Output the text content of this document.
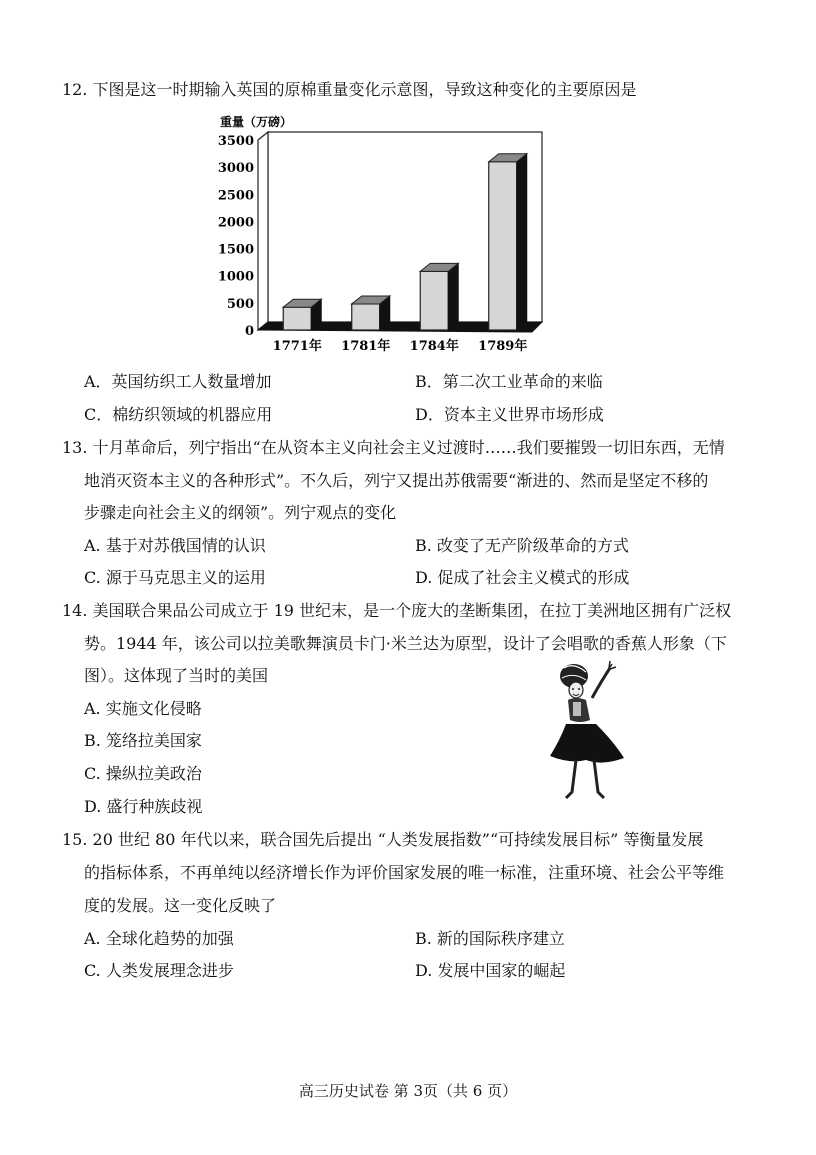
12. 下图是这一时期输入英国的原棉重量变化示意图，导致这种变化的主要原因是
重量（万磅）
0
500
1000
1500
2000
2500
3000
3500
1771年 1781年 1784年 1789年
A．英国纺织工人数量增加	B．第二次工业革命的来临
C．棉纺织领域的机器应用	D．资本主义世界市场形成
13. 十月革命后，列宁指出“在从资本主义向社会主义过渡时……我们要摧毁一切旧东西，无情
地消灭资本主义的各种形式”。不久后，列宁又提出苏俄需要“渐进的、然而是坚定不移的
步骤走向社会主义的纲领”。列宁观点的变化
A. 基于对苏俄国情的认识	B. 改变了无产阶级革命的方式
C. 源于马克思主义的运用	D. 促成了社会主义模式的形成
14. 美国联合果品公司成立于 19 世纪末，是一个庞大的垄断集团，在拉丁美洲地区拥有广泛权
势。1944 年，该公司以拉美歌舞演员卡门·米兰达为原型，设计了会唱歌的香蕉人形象（下
图）。这体现了当时的美国
A. 实施文化侵略
B. 笼络拉美国家
C. 操纵拉美政治
D. 盛行种族歧视
15. 20 世纪 80 年代以来，联合国先后提出 “人类发展指数”“可持续发展目标” 等衡量发展
的指标体系，不再单纯以经济增长作为评价国家发展的唯一标准，注重环境、社会公平等维
度的发展。这一变化反映了
A. 全球化趋势的加强	B. 新的国际秩序建立
C. 人类发展理念进步	D. 发展中国家的崛起
高三历史试卷 第 3页（共 6 页）
